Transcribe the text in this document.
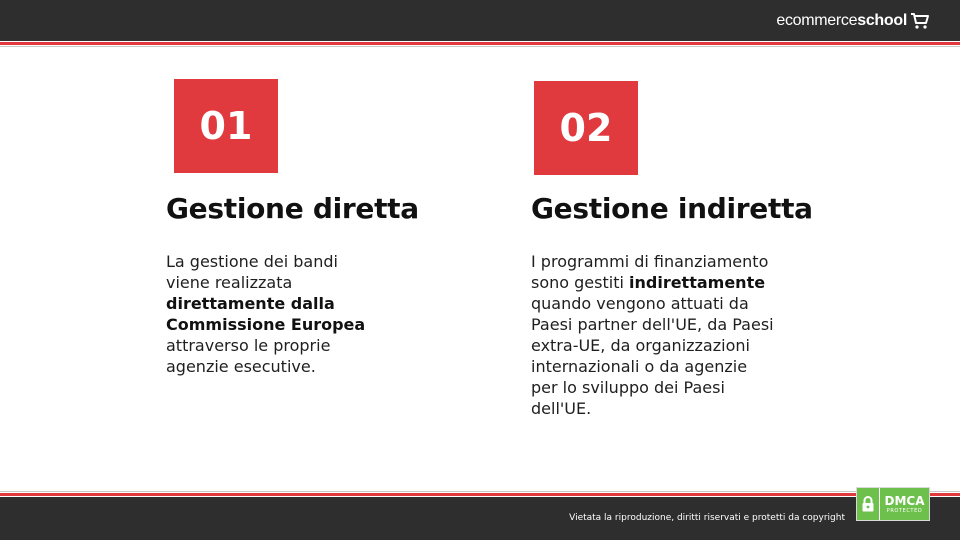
ecommerce school
01
Gestione diretta
La gestione dei bandi viene realizzata direttamente dalla Commissione Europea attraverso le proprie agenzie esecutive.
02
Gestione indiretta
I programmi di finanziamento sono gestiti indirettamente quando vengono attuati da Paesi partner dell'UE, da Paesi extra-UE, da organizzazioni internazionali o da agenzie per lo sviluppo dei Paesi dell'UE.
Vietata la riproduzione, diritti riservati e protetti da copyright
DMCA
PROTECTED
